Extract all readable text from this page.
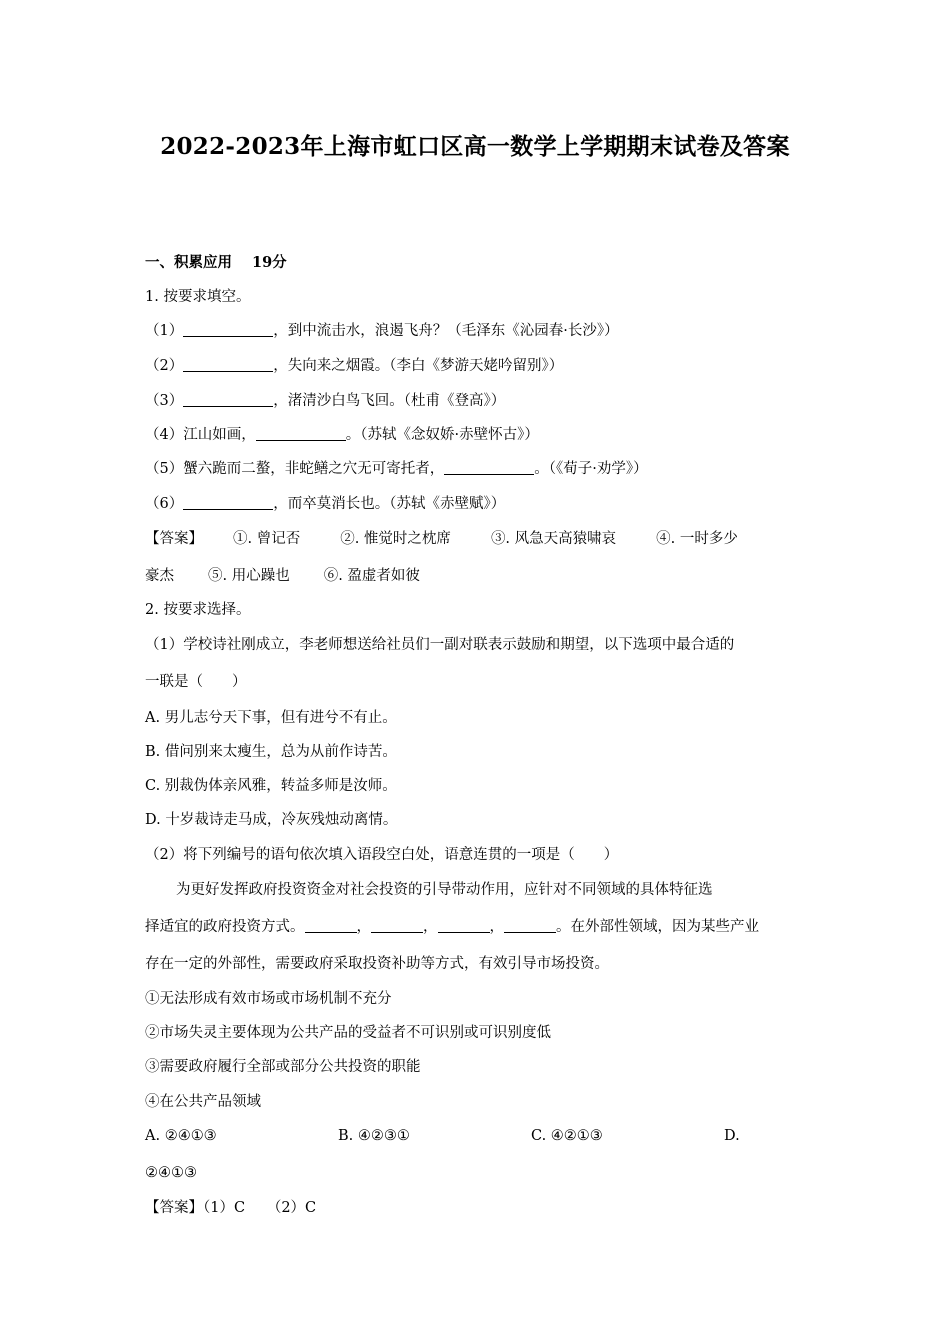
2022-2023年上海市虹口区高一数学上学期期末试卷及答案
一、积累应用 19分
1. 按要求填空。
（1）	，到中流击水，浪遏飞舟？（毛泽东《沁园春·长沙》）
（2）	，失向来之烟霞。（李白《梦游天姥吟留别》）
（3）	，渚清沙白鸟飞回。（杜甫《登高》）
（4）江山如画，	。（苏轼《念奴娇·赤壁怀古》）
（5）蟹六跪而二螯，非蛇鳝之穴无可寄托者，	。（《荀子·劝学》）
（6）	，而卒莫消长也。（苏轼《赤壁赋》）
【答案】 ①. 曾记否	②. 惟觉时之枕席	③. 风急天高猿啸哀	④. 一时多少
豪杰 ⑤. 用心躁也 ⑥. 盈虚者如彼
2. 按要求选择。
（1）学校诗社刚成立，李老师想送给社员们一副对联表示鼓励和期望，以下选项中最合适的
一联是（　　）
A. 男儿志兮天下事，但有进兮不有止。
B. 借问别来太瘦生，总为从前作诗苦。
C. 别裁伪体亲风雅，转益多师是汝师。
D. 十岁裁诗走马成，冷灰残烛动离情。
（2）将下列编号的语句依次填入语段空白处，语意连贯的一项是（　　）
为更好发挥政府投资资金对社会投资的引导带动作用，应针对不同领域的具体特征选
择适宜的政府投资方式。	，	，	，	。在外部性领域，因为某些产业
存在一定的外部性，需要政府采取投资补助等方式，有效引导市场投资。
①无法形成有效市场或市场机制不充分
②市场失灵主要体现为公共产品的受益者不可识别或可识别度低
③需要政府履行全部或部分公共投资的职能
④在公共产品领域
A. ②④①③	B. ④②③①	C. ④②①③	D.
②④①③
【答案】（1）C　　（2）C
